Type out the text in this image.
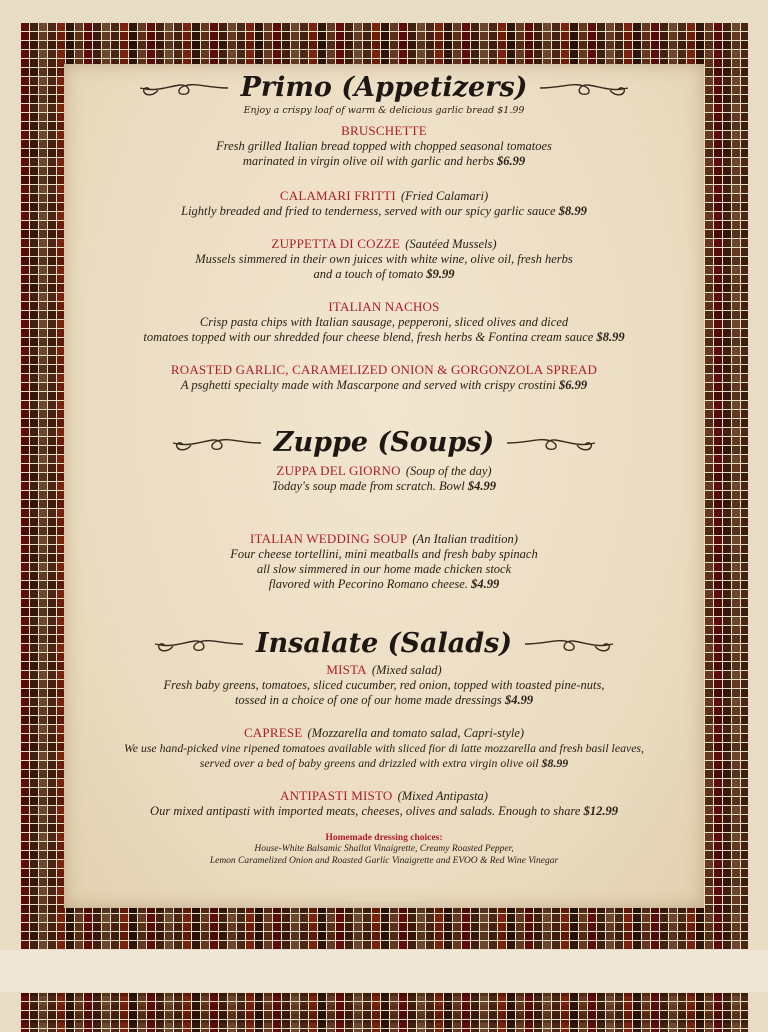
Primo (Appetizers)
Enjoy a crispy loaf of warm & delicious garlic bread $1.99
BRUSCHETTE
Fresh grilled Italian bread topped with chopped seasonal tomatoes
marinated in virgin olive oil with garlic and herbs $6.99
CALAMARI FRITTI (Fried Calamari)
Lightly breaded and fried to tenderness, served with our spicy garlic sauce $8.99
ZUPPETTA DI COZZE (Sautéed Mussels)
Mussels simmered in their own juices with white wine, olive oil, fresh herbs
and a touch of tomato $9.99
ITALIAN NACHOS
Crisp pasta chips with Italian sausage, pepperoni, sliced olives and diced
tomatoes topped with our shredded four cheese blend, fresh herbs & Fontina cream sauce $8.99
ROASTED GARLIC, CARAMELIZED ONION & GORGONZOLA SPREAD
A psghetti specialty made with Mascarpone and served with crispy crostini $6.99
Zuppe (Soups)
ZUPPA DEL GIORNO (Soup of the day)
Today's soup made from scratch. Bowl $4.99
ITALIAN WEDDING SOUP (An Italian tradition)
Four cheese tortellini, mini meatballs and fresh baby spinach
all slow simmered in our home made chicken stock
flavored with Pecorino Romano cheese. $4.99
Insalate (Salads)
MISTA (Mixed salad)
Fresh baby greens, tomatoes, sliced cucumber, red onion, topped with toasted pine-nuts,
tossed in a choice of one of our home made dressings $4.99
CAPRESE (Mozzarella and tomato salad, Capri-style)
We use hand-picked vine ripened tomatoes available with sliced fior di latte mozzarella and fresh basil leaves,
served over a bed of baby greens and drizzled with extra virgin olive oil $8.99
ANTIPASTI MISTO (Mixed Antipasta)
Our mixed antipasti with imported meats, cheeses, olives and salads. Enough to share $12.99
Homemade dressing choices:
House-White Balsamic Shallot Vinaigrette, Creamy Roasted Pepper,
Lemon Caramelized Onion and Roasted Garlic Vinaigrette and EVOO & Red Wine Vinegar
